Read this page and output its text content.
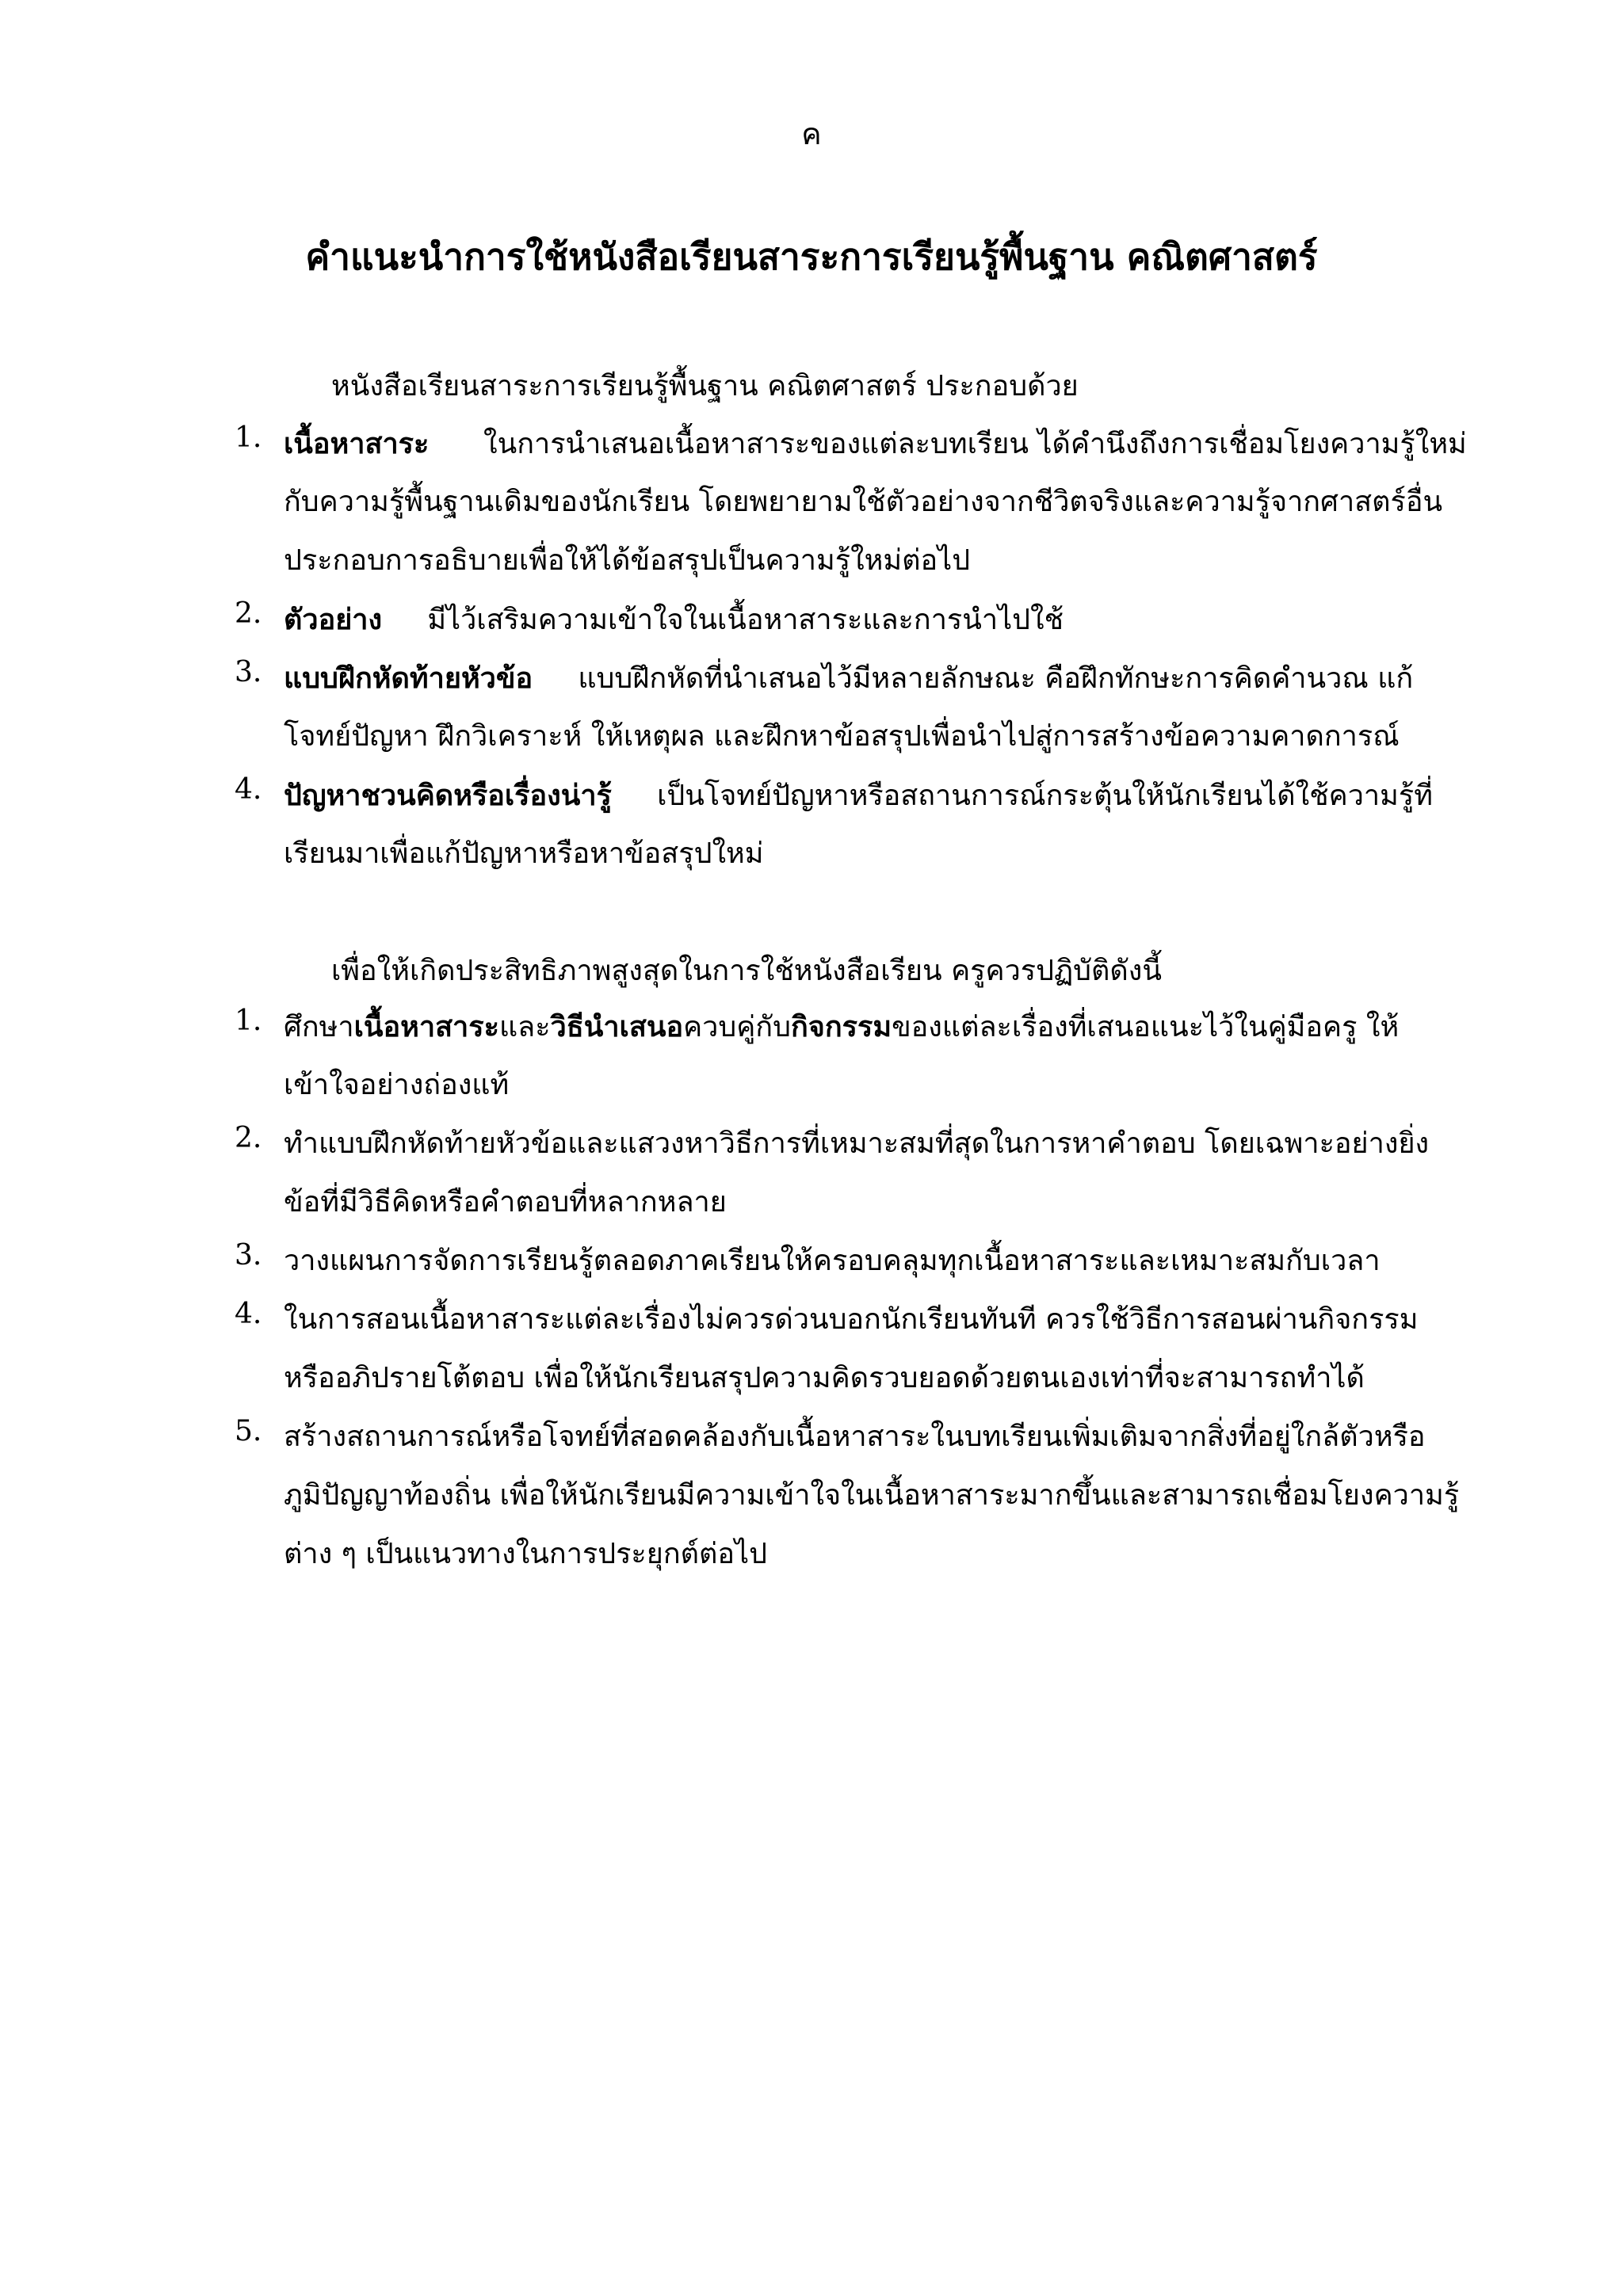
ค
คำแนะนำการใช้หนังสือเรียนสาระการเรียนรู้พื้นฐาน คณิตศาสตร์
หนังสือเรียนสาระการเรียนรู้พื้นฐาน คณิตศาสตร์ ประกอบด้วย
1. เนื้อหาสาระ ในการนำเสนอเนื้อหาสาระของแต่ละบทเรียน ได้คำนึงถึงการเชื่อมโยงความรู้ใหม่
กับความรู้พื้นฐานเดิมของนักเรียน โดยพยายามใช้ตัวอย่างจากชีวิตจริงและความรู้จากศาสตร์อื่น
ประกอบการอธิบายเพื่อให้ได้ข้อสรุปเป็นความรู้ใหม่ต่อไป
2. ตัวอย่าง มีไว้เสริมความเข้าใจในเนื้อหาสาระและการนำไปใช้
3. แบบฝึกหัดท้ายหัวข้อ แบบฝึกหัดที่นำเสนอไว้มีหลายลักษณะ คือฝึกทักษะการคิดคำนวณ แก้
โจทย์ปัญหา ฝึกวิเคราะห์ ให้เหตุผล และฝึกหาข้อสรุปเพื่อนำไปสู่การสร้างข้อความคาดการณ์
4. ปัญหาชวนคิดหรือเรื่องน่ารู้ เป็นโจทย์ปัญหาหรือสถานการณ์กระตุ้นให้นักเรียนได้ใช้ความรู้ที่
เรียนมาเพื่อแก้ปัญหาหรือหาข้อสรุปใหม่
เพื่อให้เกิดประสิทธิภาพสูงสุดในการใช้หนังสือเรียน ครูควรปฏิบัติดังนี้
1. ศึกษาเนื้อหาสาระและวิธีนำเสนอควบคู่กับกิจกรรมของแต่ละเรื่องที่เสนอแนะไว้ในคู่มือครู ให้
เข้าใจอย่างถ่องแท้
2. ทำแบบฝึกหัดท้ายหัวข้อและแสวงหาวิธีการที่เหมาะสมที่สุดในการหาคำตอบ โดยเฉพาะอย่างยิ่ง
ข้อที่มีวิธีคิดหรือคำตอบที่หลากหลาย
3. วางแผนการจัดการเรียนรู้ตลอดภาคเรียนให้ครอบคลุมทุกเนื้อหาสาระและเหมาะสมกับเวลา
4. ในการสอนเนื้อหาสาระแต่ละเรื่องไม่ควรด่วนบอกนักเรียนทันที ควรใช้วิธีการสอนผ่านกิจกรรม
หรืออภิปรายโต้ตอบ เพื่อให้นักเรียนสรุปความคิดรวบยอดด้วยตนเองเท่าที่จะสามารถทำได้
5. สร้างสถานการณ์หรือโจทย์ที่สอดคล้องกับเนื้อหาสาระในบทเรียนเพิ่มเติมจากสิ่งที่อยู่ใกล้ตัวหรือ
ภูมิปัญญาท้องถิ่น เพื่อให้นักเรียนมีความเข้าใจในเนื้อหาสาระมากขึ้นและสามารถเชื่อมโยงความรู้
ต่าง ๆ เป็นแนวทางในการประยุกต์ต่อไป
